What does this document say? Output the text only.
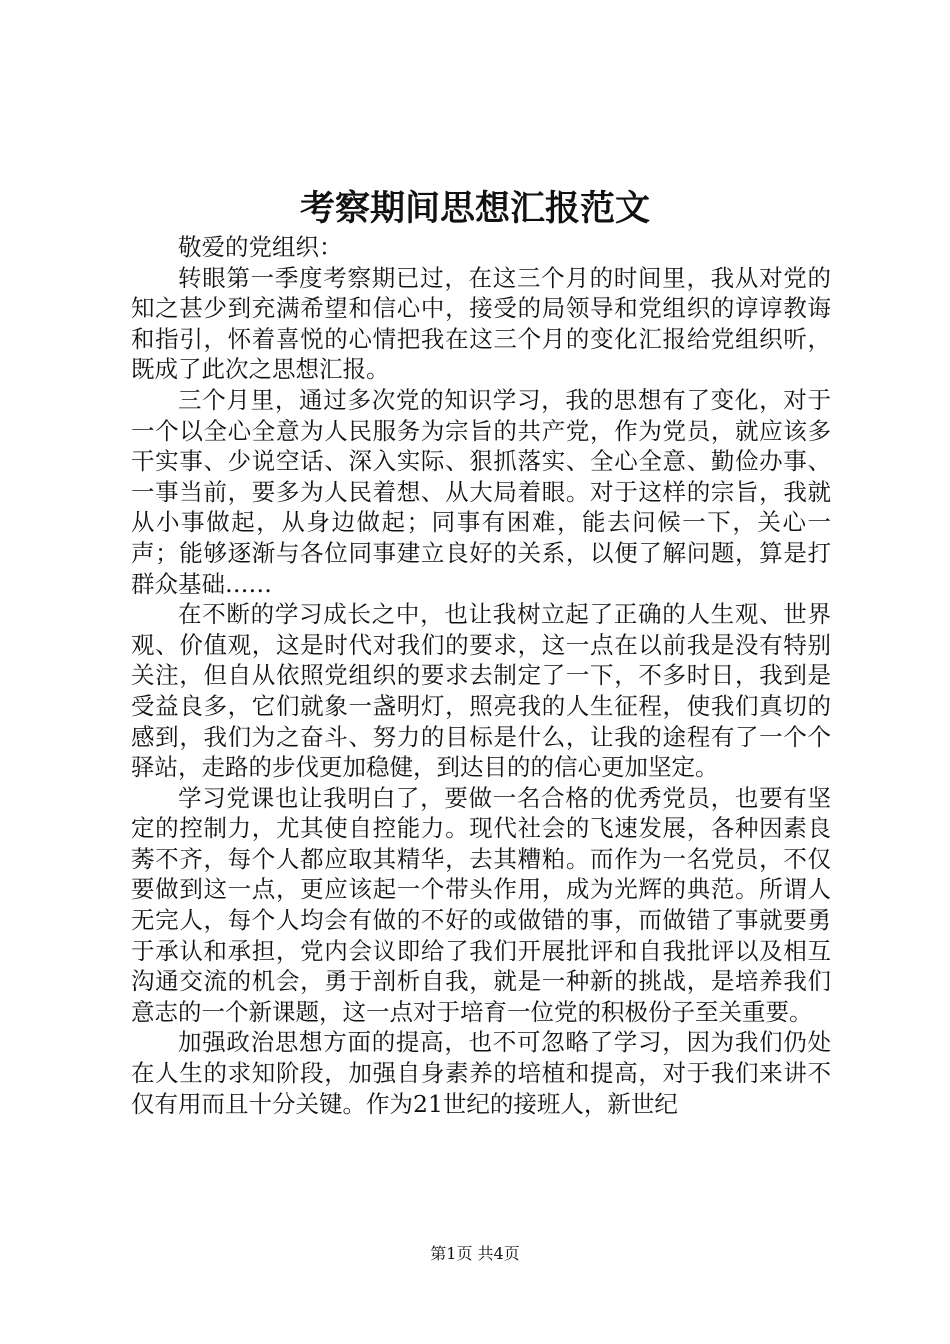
考察期间思想汇报范文

敬爱的党组织：

转眼第一季度考察期已过，在这三个月的时间里，我从对党的知之甚少到充满希望和信心中，接受的局领导和党组织的谆谆教诲和指引，怀着喜悦的心情把我在这三个月的变化汇报给党组织听，既成了此次之思想汇报。

三个月里，通过多次党的知识学习，我的思想有了变化，对于一个以全心全意为人民服务为宗旨的共产党，作为党员，就应该多干实事、少说空话、深入实际、狠抓落实、全心全意、勤俭办事、一事当前，要多为人民着想、从大局着眼。对于这样的宗旨，我就从小事做起，从身边做起；同事有困难，能去问候一下，关心一声；能够逐渐与各位同事建立良好的关系，以便了解问题，算是打群众基础……

在不断的学习成长之中，也让我树立起了正确的人生观、世界观、价值观，这是时代对我们的要求，这一点在以前我是没有特别关注，但自从依照党组织的要求去制定了一下，不多时日，我到是受益良多，它们就象一盏明灯，照亮我的人生征程，使我们真切的感到，我们为之奋斗、努力的目标是什么，让我的途程有了一个个驿站，走路的步伐更加稳健，到达目的的信心更加坚定。

学习党课也让我明白了，要做一名合格的优秀党员，也要有坚定的控制力，尤其使自控能力。现代社会的飞速发展，各种因素良莠不齐，每个人都应取其精华，去其糟粕。而作为一名党员，不仅要做到这一点，更应该起一个带头作用，成为光辉的典范。所谓人无完人，每个人均会有做的不好的或做错的事，而做错了事就要勇于承认和承担，党内会议即给了我们开展批评和自我批评以及相互沟通交流的机会，勇于剖析自我，就是一种新的挑战，是培养我们意志的一个新课题，这一点对于培育一位党的积极份子至关重要。

加强政治思想方面的提高，也不可忽略了学习，因为我们仍处在人生的求知阶段，加强自身素养的培植和提高，对于我们来讲不仅有用而且十分关键。作为21世纪的接班人，新世纪

第1页 共4页
